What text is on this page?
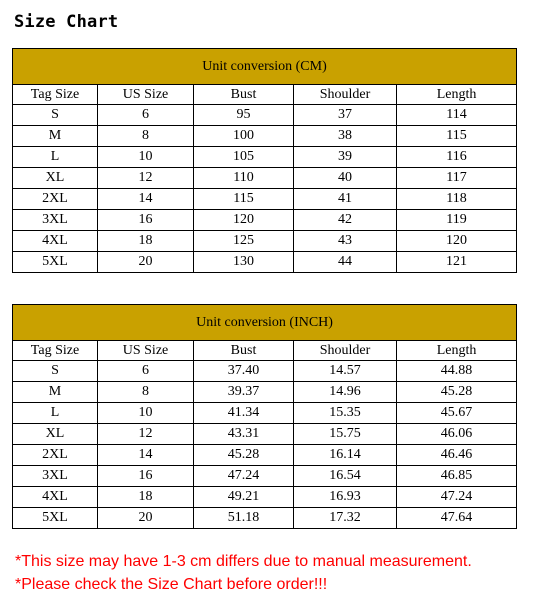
Size Chart
Unit conversion (CM)				
Tag Size	US Size	Bust	Shoulder	Length
S	6	95	37	114
M	8	100	38	115
L	10	105	39	116
XL	12	110	40	117
2XL	14	115	41	118
3XL	16	120	42	119
4XL	18	125	43	120
5XL	20	130	44	121
Unit conversion (INCH)				
Tag Size	US Size	Bust	Shoulder	Length
S	6	37.40	14.57	44.88
M	8	39.37	14.96	45.28
L	10	41.34	15.35	45.67
XL	12	43.31	15.75	46.06
2XL	14	45.28	16.14	46.46
3XL	16	47.24	16.54	46.85
4XL	18	49.21	16.93	47.24
5XL	20	51.18	17.32	47.64
*This size may have 1-3 cm differs due to manual measurement.
*Please check the Size Chart before order!!!
